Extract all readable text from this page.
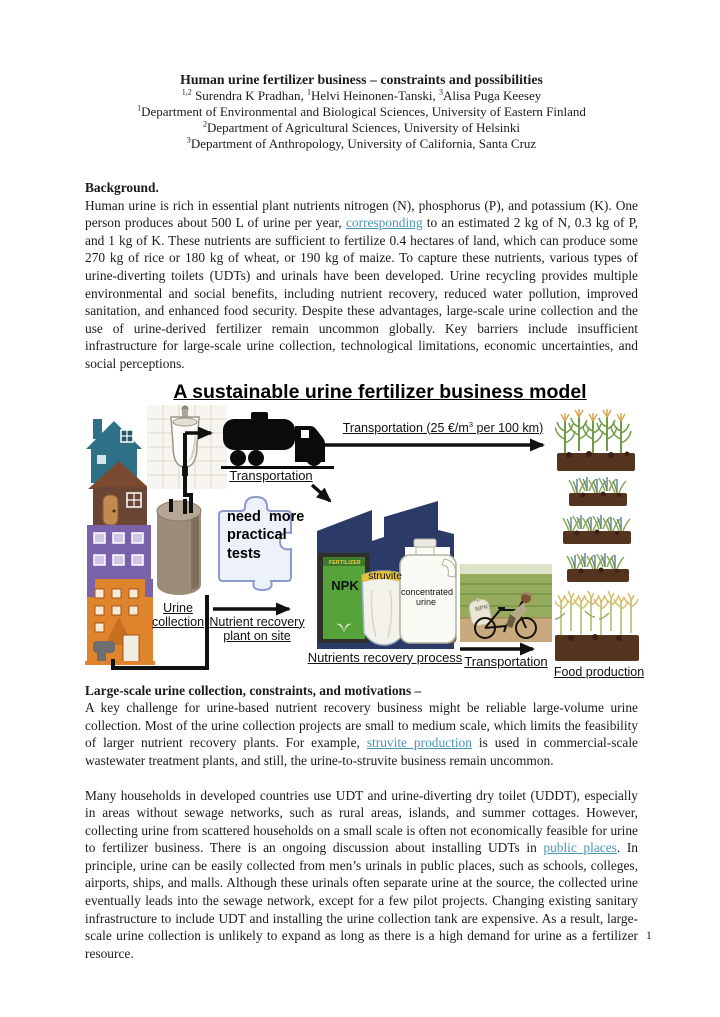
Human urine fertilizer business – constraints and possibilities
$^{1,2}$ Surendra K Pradhan, $^1$Helvi Heinonen-Tanski, $^3$Alisa Puga Keesey
$^1$Department of Environmental and Biological Sciences, University of Eastern Finland
$^2$Department of Agricultural Sciences, University of Helsinki
$^3$Department of Anthropology, University of California, Santa Cruz
Background.

Human urine is rich in essential plant nutrients nitrogen (N), phosphorus (P), and potassium (K). One person produces about 500 L of urine per year, corresponding to an estimated 2 kg of N, 0.3 kg of P, and 1 kg of K. These nutrients are sufficient to fertilize 0.4 hectares of land, which can produce some 270 kg of rice or 180 kg of wheat, or 190 kg of maize. To capture these nutrients, various types of urine-diverting toilets (UDTs) and urinals have been developed. Urine recycling provides multiple environmental and social benefits, including nutrient recovery, reduced water pollution, improved sanitation, and enhanced food security. Despite these advantages, large-scale urine collection and the use of urine-derived fertilizer remain uncommon globally. Key barriers include insufficient infrastructure for large-scale urine collection, technological limitations, economic uncertainties, and social perceptions.

A sustainable urine fertilizer business model
Transportation
Transportation (25 $€/m^3$ per 100 km)
Urine
collection
need  more
practical
tests
Nutrient recovery
plant on site
FERTILIZER
NPK
struvite
concentrated urine
NPK
Nutrients recovery process Transportation
Food production
Large-scale urine collection, constraints, and motivations –

A key challenge for urine-based nutrient recovery business might be reliable large-volume urine collection. Most of the urine collection projects are small to medium scale, which limits the feasibility of larger nutrient recovery plants. For example, struvite production is used in commercial-scale wastewater treatment plants, and still, the urine-to-struvite business remain uncommon.

Many households in developed countries use UDT and urine-diverting dry toilet (UDDT), especially in areas without sewage networks, such as rural areas, islands, and summer cottages. However, collecting urine from scattered households on a small scale is often not economically feasible for urine to fertilizer business. There is an ongoing discussion about installing UDTs in public places. In principle, urine can be easily collected from men’s urinals in public places, such as schools, colleges, airports, ships, and malls. Although these urinals often separate urine at the source, the collected urine eventually leads into the sewage network, except for a few pilot projects. Changing existing sanitary infrastructure to include UDT and installing the urine collection tank are expensive. As a result, large-scale urine collection is unlikely to expand as long as there is a high demand for urine as a fertilizer resource.

1
